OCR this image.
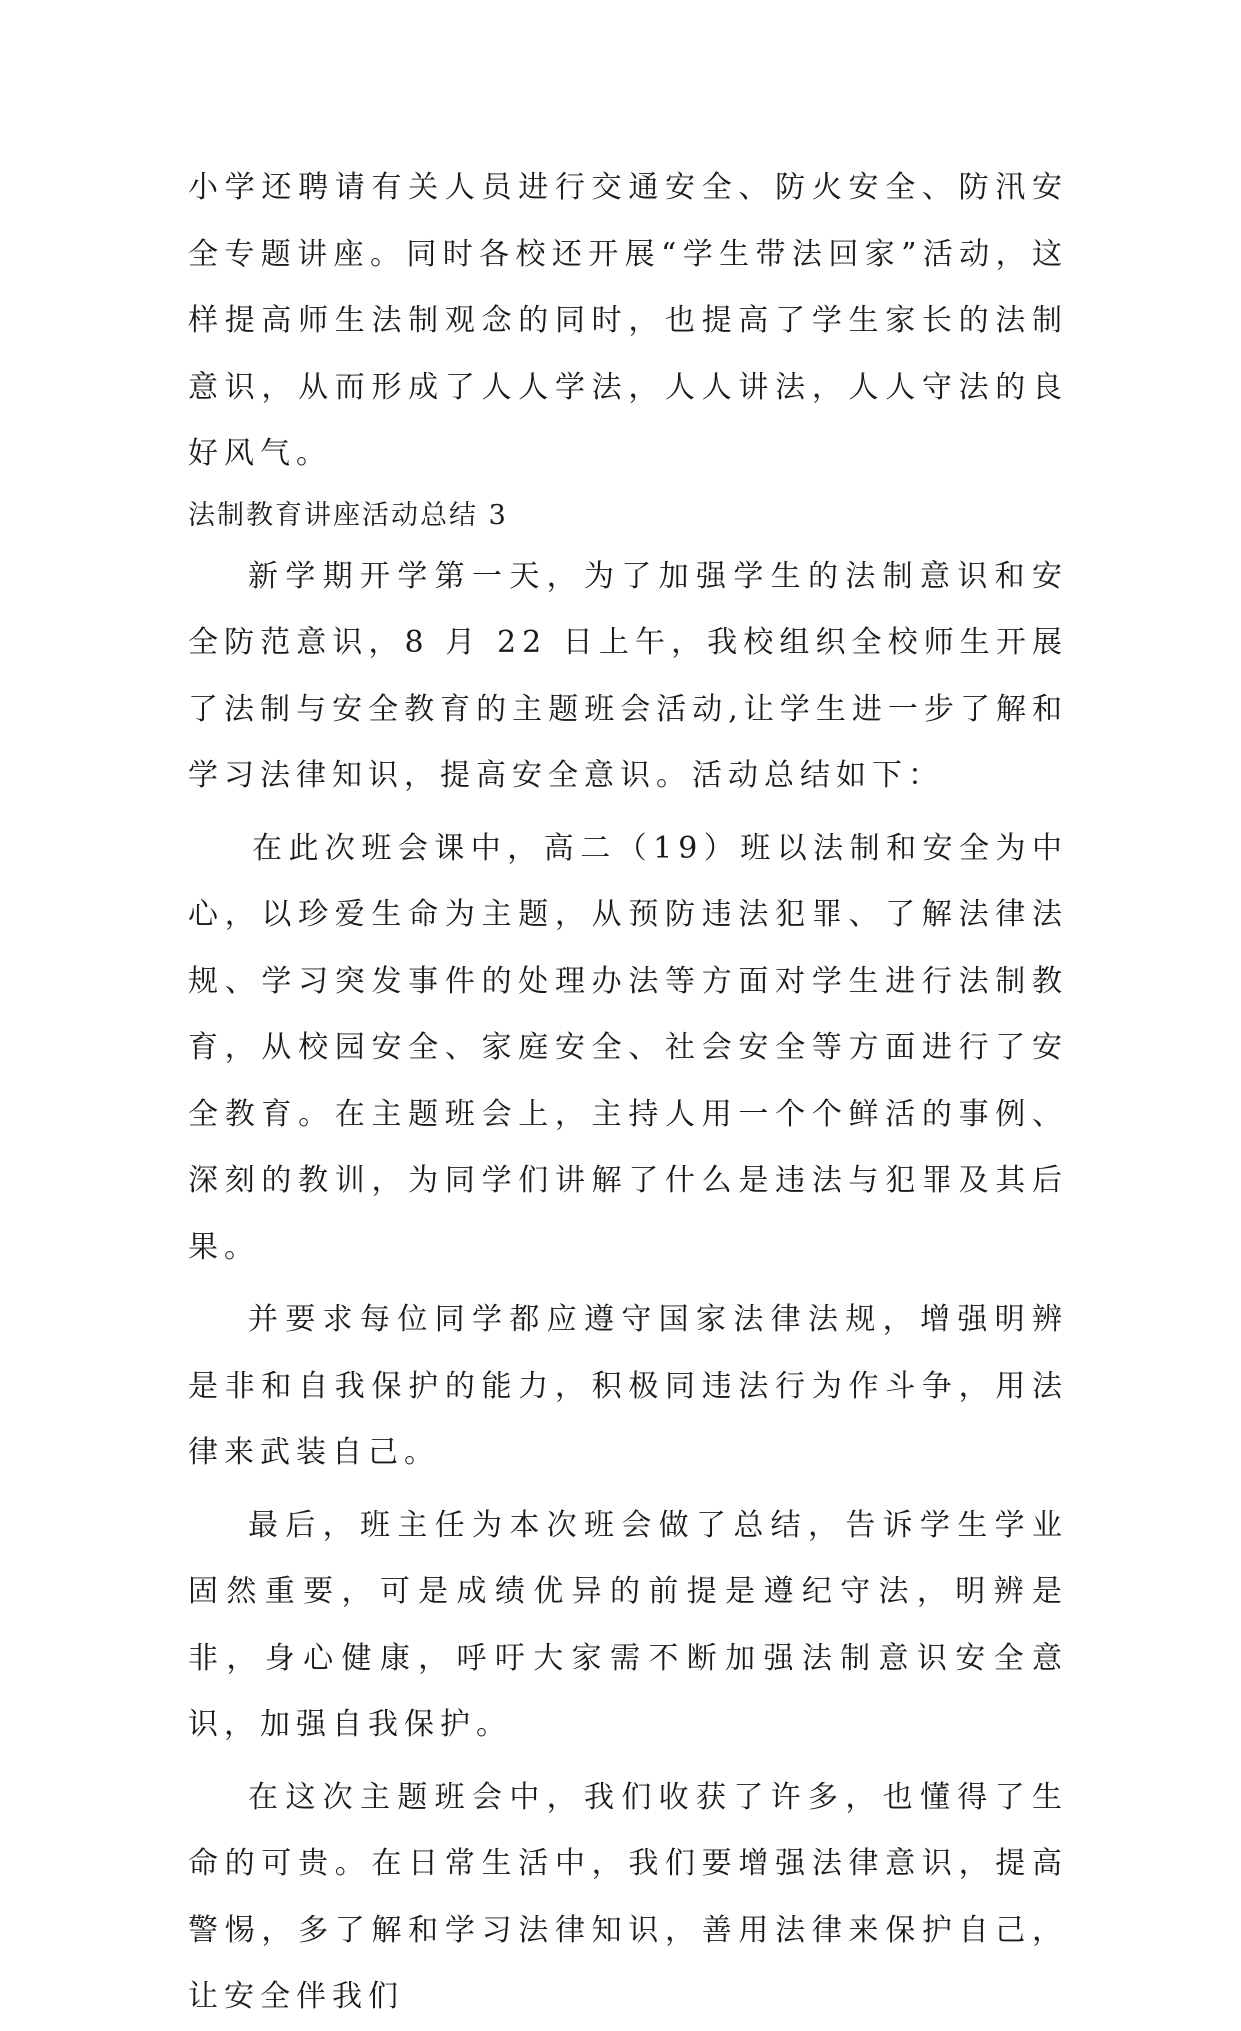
小学还聘请有关人员进行交通安全、防火安全、防汛安全专题讲座。同时各校还开展“学生带法回家”活动，这样提高师生法制观念的同时，也提高了学生家长的法制意识，从而形成了人人学法，人人讲法，人人守法的良好风气。

法制教育讲座活动总结 3

新学期开学第一天，为了加强学生的法制意识和安全防范意识，8 月 22 日上午，我校组织全校师生开展了法制与安全教育的主题班会活动,让学生进一步了解和学习法律知识，提高安全意识。活动总结如下：

在此次班会课中，高二（19）班以法制和安全为中心，以珍爱生命为主题，从预防违法犯罪、了解法律法规、学习突发事件的处理办法等方面对学生进行法制教育，从校园安全、家庭安全、社会安全等方面进行了安全教育。在主题班会上，主持人用一个个鲜活的事例、深刻的教训，为同学们讲解了什么是违法与犯罪及其后果。

并要求每位同学都应遵守国家法律法规，增强明辨是非和自我保护的能力，积极同违法行为作斗争，用法律来武装自己。

最后，班主任为本次班会做了总结，告诉学生学业固然重要，可是成绩优异的前提是遵纪守法，明辨是非，身心健康，呼吁大家需不断加强法制意识安全意识，加强自我保护。

在这次主题班会中，我们收获了许多，也懂得了生命的可贵。在日常生活中，我们要增强法律意识，提高警惕，多了解和学习法律知识，善用法律来保护自己，让安全伴我们
